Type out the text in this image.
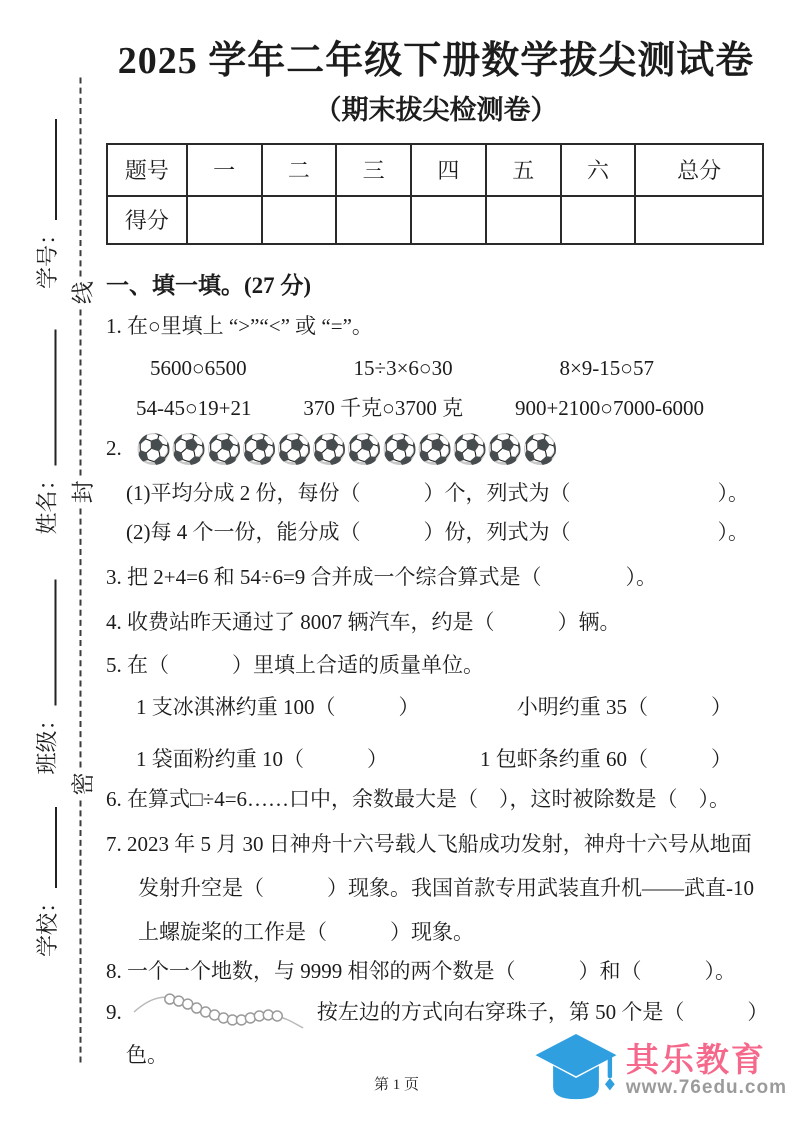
学号：
姓名：
班级：
学校：
密
封
线
2025 学年二年级下册数学拔尖测试卷
（期末拔尖检测卷）
题号	一	二	三	四	五	六	总分
得分							
一、填一填。(27 分)
1. 在○里填上 “>”“<” 或 “=”。
5600○6500	15÷3×6○30	8×9-15○57
54-45○19+21 370 千克○3700 克 900+2100○7000-6000
2. ⚽⚽⚽⚽⚽⚽⚽⚽⚽⚽⚽⚽
(1)平均分成 2 份，每份（　　　）个，列式为（　　　　　　　）。
(2)每 4 个一份，能分成（　　　）份，列式为（　　　　　　　）。
3. 把 2+4=6 和 54÷6=9 合并成一个综合算式是（　　　　）。
4. 收费站昨天通过了 8007 辆汽车，约是（　　　）辆。
5. 在（　　　）里填上合适的质量单位。
1 支冰淇淋约重 100（　　　）	小明约重 35（　　　）
1 袋面粉约重 10（　　　）	1 包虾条约重 60（　　　）
6. 在算式□÷4=6……口中，余数最大是（　），这时被除数是（　）。
7. 2023 年 5 月 30 日神舟十六号载人飞船成功发射，神舟十六号从地面发射升空是（　　　）现象。我国首款专用武装直升机——武直-10 上螺旋桨的工作是（　　　）现象。
8. 一个一个地数，与 9999 相邻的两个数是（　　　）和（　　　）。
9.	按左边的方式向右穿珠子，第 50 个是（　　　）
色。
第 1 页
其乐教育
www.76edu.com
